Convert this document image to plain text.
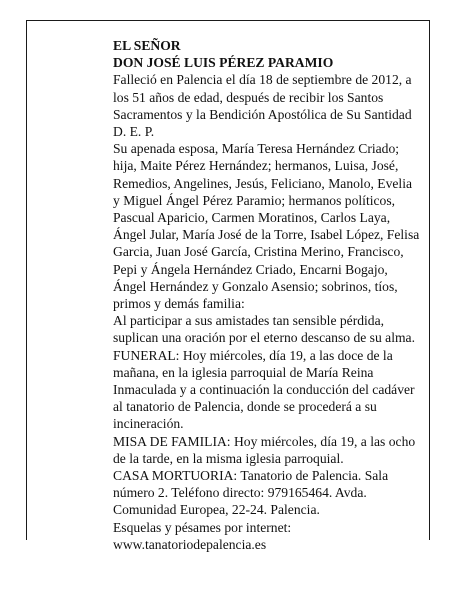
EL SEÑOR

DON JOSÉ LUIS PÉREZ PARAMIO

Falleció en Palencia el día 18 de septiembre de 2012, a los 51 años de edad, después de recibir los Santos Sacramentos y la Bendición Apostólica de Su Santidad

D. E. P.

Su apenada esposa, María Teresa Hernández Criado; hija, Maite Pérez Hernández; hermanos, Luisa, José, Remedios, Angelines, Jesús, Feliciano, Manolo, Evelia y Miguel Ángel Pérez Paramio; hermanos políticos, Pascual Aparicio, Carmen Moratinos, Carlos Laya, Ángel Jular, María José de la Torre, Isabel López, Felisa Garcia, Juan José García, Cristina Merino, Francisco, Pepi y Ángela Hernández Criado, Encarni Bogajo, Ángel Hernández y Gonzalo Asensio; sobrinos, tíos, primos y demás familia:

Al participar a sus amistades tan sensible pérdida, suplican una oración por el eterno descanso de su alma.

FUNERAL: Hoy miércoles, día 19, a las doce de la mañana, en la iglesia parroquial de María Reina Inmaculada y a continuación la conducción del cadáver al tanatorio de Palencia, donde se procederá a su incineración.

MISA DE FAMILIA: Hoy miércoles, día 19, a las ocho de la tarde, en la misma iglesia parroquial.

CASA MORTUORIA: Tanatorio de Palencia. Sala número 2. Teléfono directo: 979165464. Avda. Comunidad Europea, 22-24. Palencia.

Esquelas y pésames por internet:

www.tanatoriodepalencia.es
